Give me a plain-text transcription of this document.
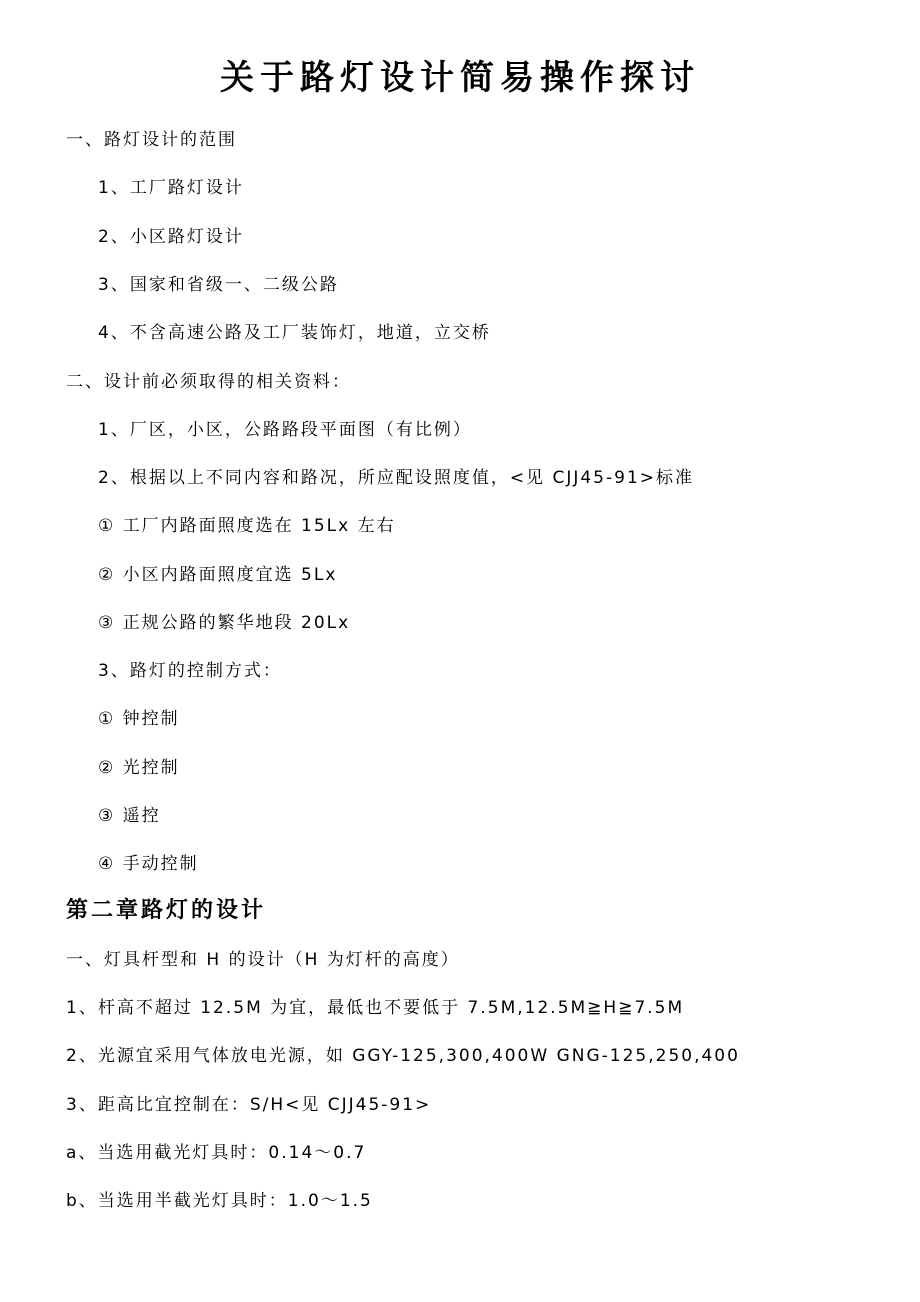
关于路灯设计简易操作探讨
一、路灯设计的范围
1、工厂路灯设计
2、小区路灯设计
3、国家和省级一、二级公路
4、不含高速公路及工厂装饰灯，地道，立交桥
二、设计前必须取得的相关资料：
1、厂区，小区，公路路段平面图（有比例）
2、根据以上不同内容和路况，所应配设照度值，<见 CJJ45-91>标准
① 工厂内路面照度选在 15Lx 左右
② 小区内路面照度宜选 5Lx
③ 正规公路的繁华地段 20Lx
3、路灯的控制方式：
① 钟控制
② 光控制
③ 遥控
④ 手动控制
第二章路灯的设计
一、灯具杆型和 H 的设计（H 为灯杆的高度）
1、杆高不超过 12.5M 为宜，最低也不要低于 7.5M,12.5M≧H≧7.5M
2、光源宜采用气体放电光源，如 GGY-125,300,400W GNG-125,250,400
3、距高比宜控制在：S/H<见 CJJ45-91>
a、当选用截光灯具时：0.14～0.7
b、当选用半截光灯具时：1.0～1.5
